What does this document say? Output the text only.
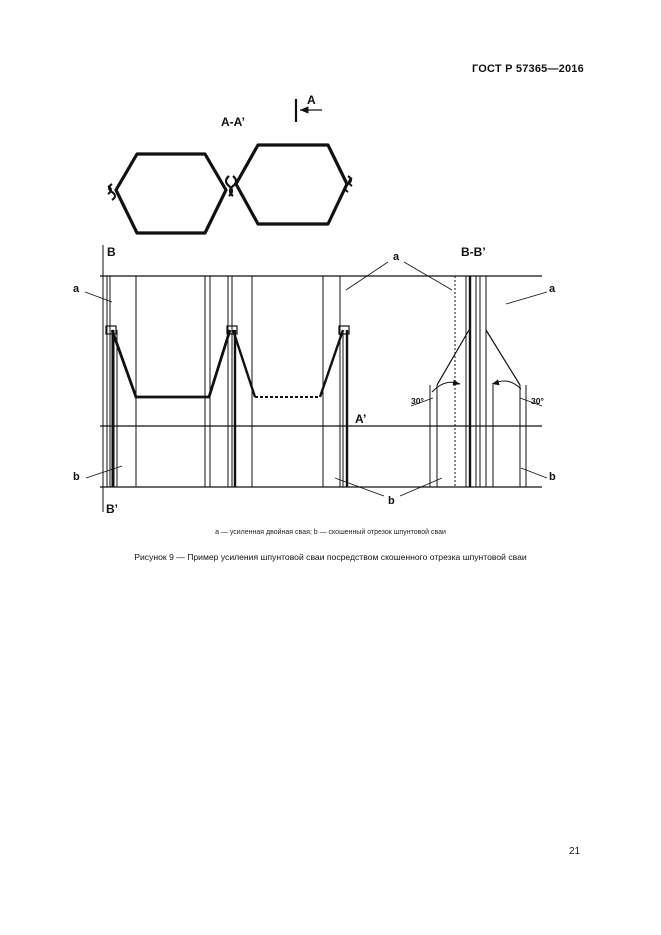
ГОСТ Р 57365—2016
A-A’
A
B
B’
B-B’
A’
a
a
a
b
b
b
30°	30°
a — усиленная двойная свая; b — скошенный отрезок шпунтовой сваи
Рисунок 9 — Пример усиления шпунтовой сваи посредством скошенного отрезка шпунтовой сваи
21
